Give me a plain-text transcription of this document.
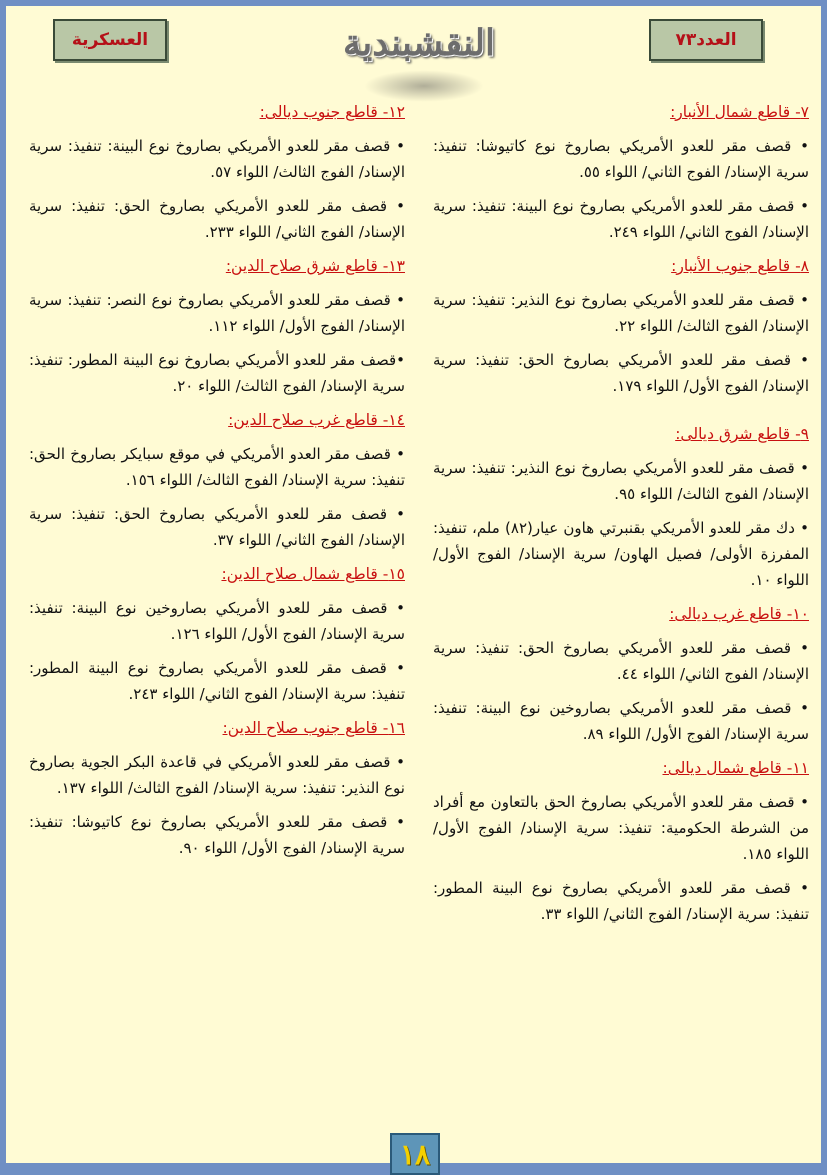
العسكرية	النقشبندية	العدد٧٣
٧- قاطع شمال الأنبار:
• قصف مقر للعدو الأمريكي بصاروخ نوع كاتيوشا: تنفيذ: سرية الإسناد/ الفوج الثاني/ اللواء ٥٥.
• قصف مقر للعدو الأمريكي بصاروخ نوع البينة: تنفيذ: سرية الإسناد/ الفوج الثاني/ اللواء ٢٤٩.
٨- قاطع جنوب الأنبار:
• قصف مقر للعدو الأمريكي بصاروخ نوع النذير: تنفيذ: سرية الإسناد/ الفوج الثالث/ اللواء ٢٢.
• قصف مقر للعدو الأمريكي بصاروخ الحق: تنفيذ: سرية الإسناد/ الفوج الأول/ اللواء ١٧٩.
٩- قاطع شرق ديالى:
• قصف مقر للعدو الأمريكي بصاروخ نوع النذير: تنفيذ: سرية الإسناد/ الفوج الثالث/ اللواء ٩٥.
• دك مقر للعدو الأمريكي بقنبرتي هاون عيار(٨٢) ملم، تنفيذ: المفرزة الأولى/ فصيل الهاون/ سرية الإسناد/ الفوج الأول/ اللواء ١٠.
١٠- قاطع غرب ديالى:
• قصف مقر للعدو الأمريكي بصاروخ الحق: تنفيذ: سرية الإسناد/ الفوج الثاني/ اللواء ٤٤.
• قصف مقر للعدو الأمريكي بصاروخين نوع البينة: تنفيذ: سرية الإسناد/ الفوج الأول/ اللواء ٨٩.
١١- قاطع شمال ديالى:
• قصف مقر للعدو الأمريكي بصاروخ الحق بالتعاون مع أفراد من الشرطة الحكومية: تنفيذ: سرية الإسناد/ الفوج الأول/ اللواء ١٨٥.
• قصف مقر للعدو الأمريكي بصاروخ نوع البينة المطور: تنفيذ: سرية الإسناد/ الفوج الثاني/ اللواء ٣٣.
١٢- قاطع جنوب ديالى:
• قصف مقر للعدو الأمريكي بصاروخ نوع البينة: تنفيذ: سرية الإسناد/ الفوج الثالث/ اللواء ٥٧.
• قصف مقر للعدو الأمريكي بصاروخ الحق: تنفيذ: سرية الإسناد/ الفوج الثاني/ اللواء ٢٣٣.
١٣- قاطع شرق صلاح الدين:
• قصف مقر للعدو الأمريكي بصاروخ نوع النصر: تنفيذ: سرية الإسناد/ الفوج الأول/ اللواء ١١٢.
•قصف مقر للعدو الأمريكي بصاروخ نوع البينة المطور: تنفيذ: سرية الإسناد/ الفوج الثالث/ اللواء ٢٠.
١٤- قاطع غرب صلاح الدين:
• قصف مقر العدو الأمريكي في موقع سبايكر بصاروخ الحق: تنفيذ: سرية الإسناد/ الفوج الثالث/ اللواء ١٥٦.
• قصف مقر للعدو الأمريكي بصاروخ الحق: تنفيذ: سرية الإسناد/ الفوج الثاني/ اللواء ٣٧.
١٥- قاطع شمال صلاح الدين:
• قصف مقر للعدو الأمريكي بصاروخين نوع البينة: تنفيذ: سرية الإسناد/ الفوج الأول/ اللواء ١٢٦.
• قصف مقر للعدو الأمريكي بصاروخ نوع البينة المطور: تنفيذ: سرية الإسناد/ الفوج الثاني/ اللواء ٢٤٣.
١٦- قاطع جنوب صلاح الدين:
• قصف مقر للعدو الأمريكي في قاعدة البكر الجوية بصاروخ نوع النذير: تنفيذ: سرية الإسناد/ الفوج الثالث/ اللواء ١٣٧.
• قصف مقر للعدو الأمريكي بصاروخ نوع كاتيوشا: تنفيذ: سرية الإسناد/ الفوج الأول/ اللواء ٩٠.
١٨
